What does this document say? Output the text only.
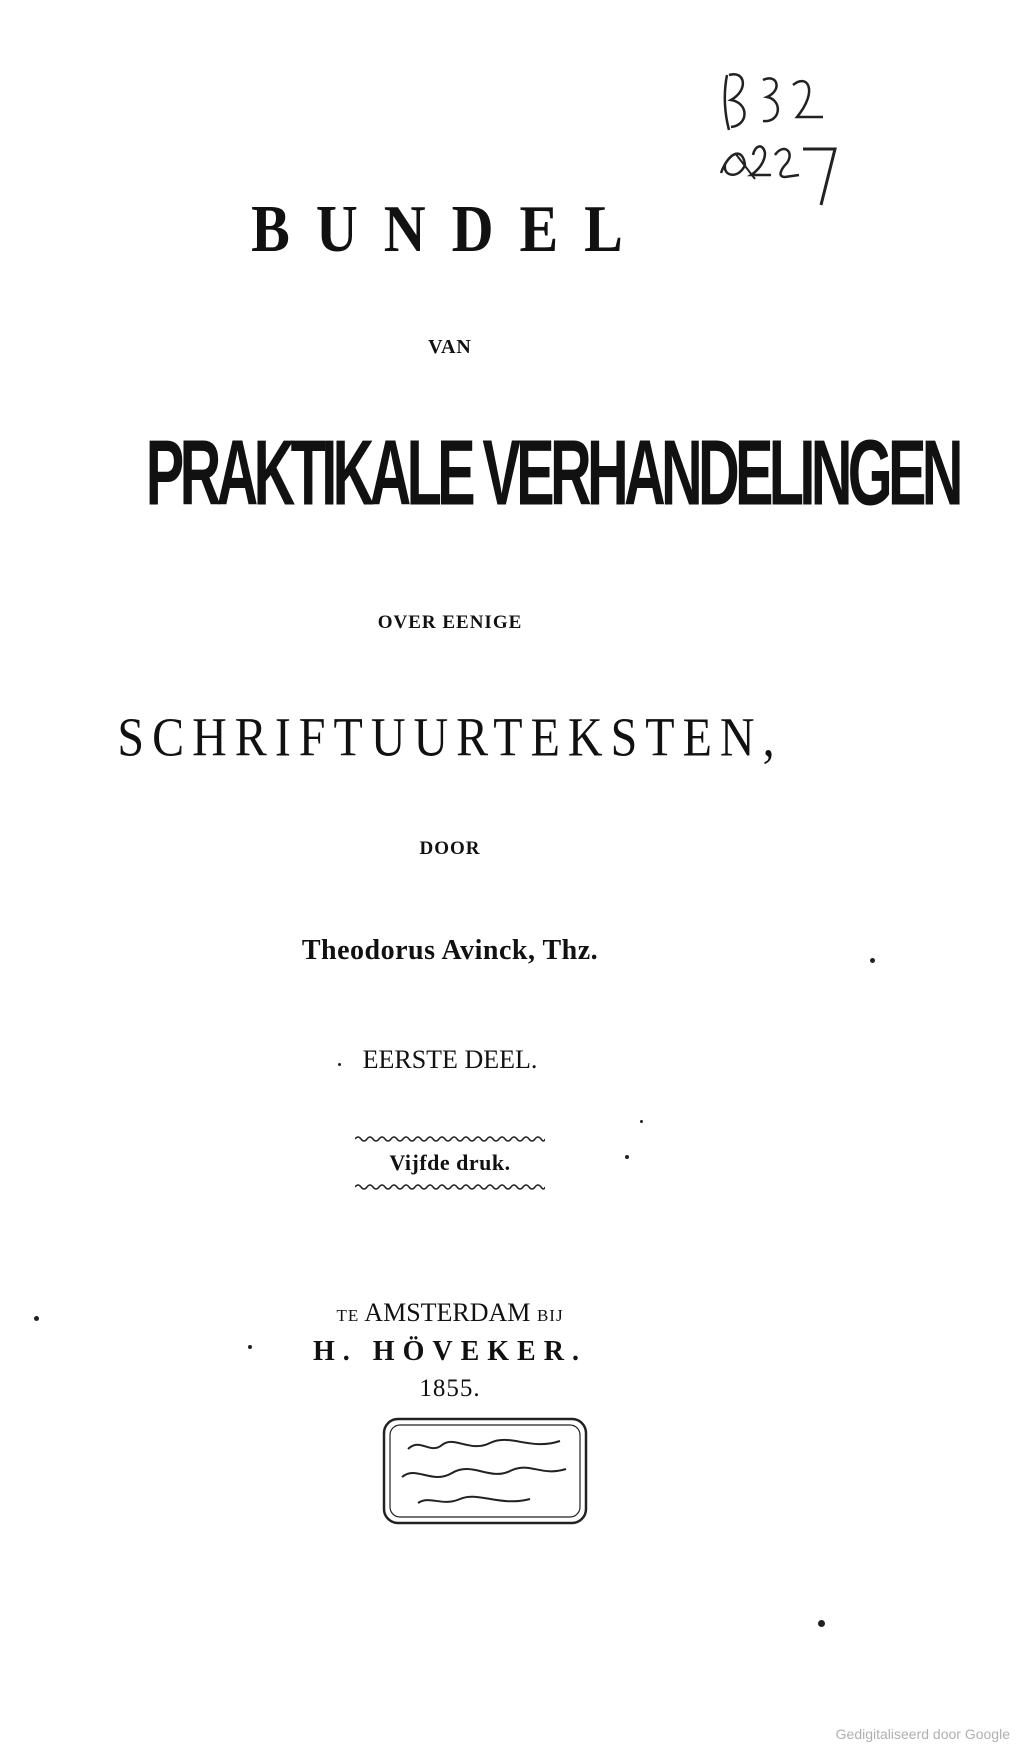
BUNDEL
VAN
PRAKTIKALE VERHANDELINGEN
OVER EENIGE
SCHRIFTUURTEKSTEN,
DOOR
Theodorus Avinck, Thz.
EERSTE DEEL.
Vijfde druk.
TE AMSTERDAM BIJ
H. HÖVEKER.
1855.
Gedigitaliseerd door Google
